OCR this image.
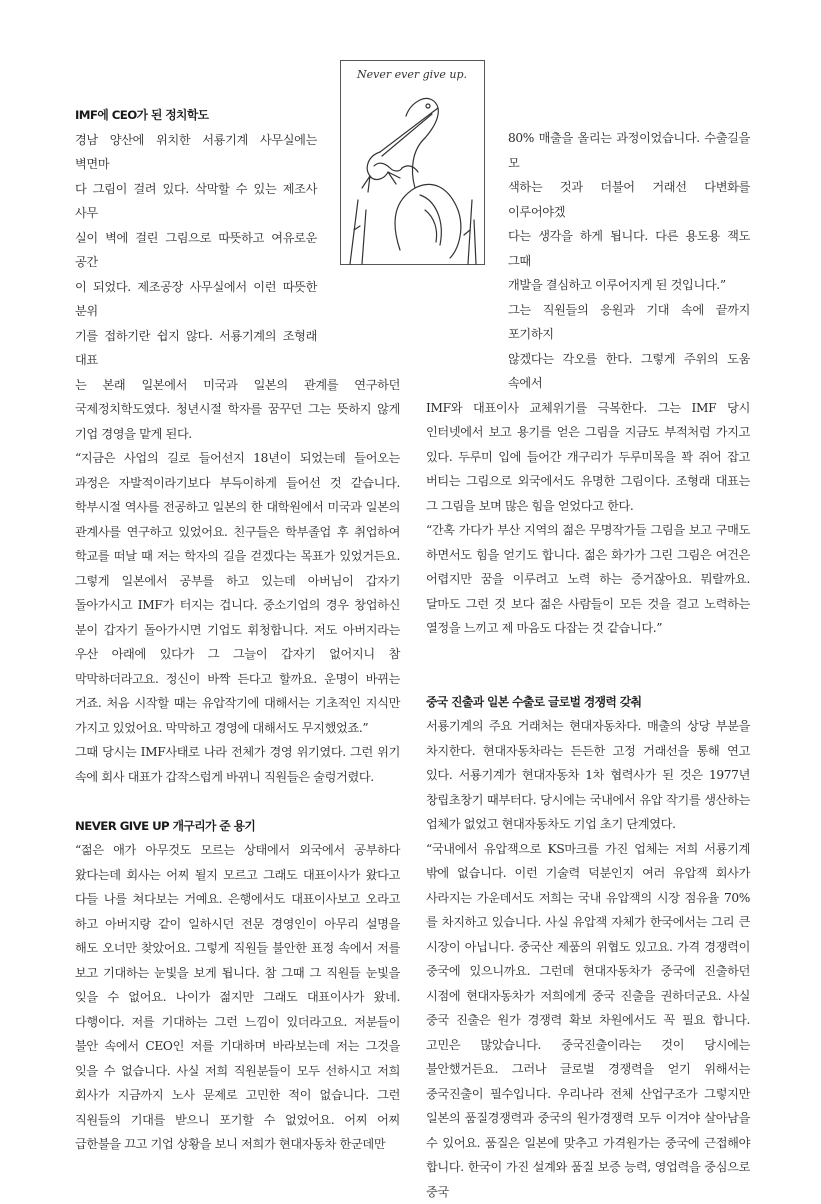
Never ever give up.

IMF에 CEO가 된 정치학도

경남 양산에 위치한 서룡기계 사무실에는 벽면마

다 그림이 걸려 있다. 삭막할 수 있는 제조사 사무

실이 벽에 걸린 그림으로 따뜻하고 여유로운 공간

이 되었다. 제조공장 사무실에서 이런 따뜻한 분위

기를 접하기란 쉽지 않다. 서룡기계의 조형래 대표

는 본래 일본에서 미국과 일본의 관계를 연구하던 국제정치학도였다. 청년시절 학자를 꿈꾸던 그는 뜻하지 않게 기업 경영을 맡게 된다.

“지금은 사업의 길로 들어선지 18년이 되었는데 들어오는 과정은 자발적이라기보다 부득이하게 들어선 것 같습니다. 학부시절 역사를 전공하고 일본의 한 대학원에서 미국과 일본의 관계사를 연구하고 있었어요. 친구들은 학부졸업 후 취업하여 학교를 떠날 때 저는 학자의 길을 걷겠다는 목표가 있었거든요. 그렇게 일본에서 공부를 하고 있는데 아버님이 갑자기 돌아가시고 IMF가 터지는 겁니다. 중소기업의 경우 창업하신 분이 갑자기 돌아가시면 기업도 휘청합니다. 저도 아버지라는 우산 아래에 있다가 그 그늘이 갑자기 없어지니 참 막막하더라고요. 정신이 바짝 든다고 할까요. 운명이 바뀌는 거죠. 처음 시작할 때는 유압작기에 대해서는 기초적인 지식만 가지고 있었어요. 막막하고 경영에 대해서도 무지했었죠.”

그때 당시는 IMF사태로 나라 전체가 경영 위기였다. 그런 위기 속에 회사 대표가 갑작스럽게 바뀌니 직원들은 술렁거렸다.

NEVER GIVE UP 개구리가 준 용기

“젊은 애가 아무것도 모르는 상태에서 외국에서 공부하다 왔다는데 회사는 어찌 될지 모르고 그래도 대표이사가 왔다고 다들 나를 쳐다보는 거예요. 은행에서도 대표이사보고 오라고 하고 아버지랑 같이 일하시던 전문 경영인이 아무리 설명을 해도 오너만 찾았어요. 그렇게 직원들 불안한 표정 속에서 저를 보고 기대하는 눈빛을 보게 됩니다. 참 그때 그 직원들 눈빛을 잊을 수 없어요. 나이가 젊지만 그래도 대표이사가 왔네. 다행이다. 저를 기대하는 그런 느낌이 있더라고요. 저분들이 불안 속에서 CEO인 저를 기대하며 바라보는데 저는 그것을 잊을 수 없습니다. 사실 저희 직원분들이 모두 선하시고 저희 회사가 지금까지 노사 문제로 고민한 적이 없습니다. 그런 직원들의 기대를 받으니 포기할 수 없었어요. 어찌 어찌 급한불을 끄고 기업 상황을 보니 저희가 현대자동차 한군데만

80% 매출을 올리는 과정이었습니다. 수출길을 모

색하는 것과 더불어 거래선 다변화를 이루어야겠

다는 생각을 하게 됩니다. 다른 용도용 잭도 그때

개발을 결심하고 이루어지게 된 것입니다.”

그는 직원들의 응원과 기대 속에 끝까지 포기하지

않겠다는 각오를 한다. 그렇게 주위의 도움 속에서

IMF와 대표이사 교체위기를 극복한다. 그는 IMF 당시 인터넷에서 보고 용기를 얻은 그림을 지금도 부적처럼 가지고 있다. 두루미 입에 들어간 개구리가 두루미목을 꽉 쥐어 잡고 버티는 그림으로 외국에서도 유명한 그림이다. 조형래 대표는 그 그림을 보며 많은 힘을 얻었다고 한다.

“간혹 가다가 부산 지역의 젊은 무명작가들 그림을 보고 구매도 하면서도 힘을 얻기도 합니다. 젊은 화가가 그린 그림은 여건은 어렵지만 꿈을 이루려고 노력 하는 증거잖아요. 뭐랄까요. 달마도 그런 것 보다 젊은 사람들이 모든 것을 걸고 노력하는 열정을 느끼고 제 마음도 다잡는 것 같습니다.”

중국 진출과 일본 수출로 글로벌 경쟁력 갖춰

서룡기계의 주요 거래처는 현대자동차다. 매출의 상당 부분을 차지한다. 현대자동차라는 든든한 고정 거래선을 통해 연고 있다. 서룡기계가 현대자동차 1차 협력사가 된 것은 1977년 창립초창기 때부터다. 당시에는 국내에서 유압 작기를 생산하는 업체가 없었고 현대자동차도 기업 초기 단계였다.

“국내에서 유압잭으로 KS마크를 가진 업체는 저희 서룡기계 밖에 없습니다. 이런 기술력 덕분인지 여러 유압잭 회사가 사라지는 가운데서도 저희는 국내 유압잭의 시장 점유율 70%를 차지하고 있습니다. 사실 유압잭 자체가 한국에서는 그리 큰 시장이 아닙니다. 중국산 제품의 위협도 있고요. 가격 경쟁력이 중국에 있으니까요. 그런데 현대자동차가 중국에 진출하던 시점에 현대자동차가 저희에게 중국 진출을 권하더군요. 사실 중국 진출은 원가 경쟁력 확보 차원에서도 꼭 필요 합니다. 고민은 많았습니다. 중국진출이라는 것이 당시에는 불안했거든요. 그러나 글로벌 경쟁력을 얻기 위해서는 중국진출이 필수입니다. 우리나라 전체 산업구조가 그렇지만 일본의 품질경쟁력과 중국의 원가경쟁력 모두 이겨야 살아남을 수 있어요. 품질은 일본에 맞추고 가격원가는 중국에 근접해야 합니다. 한국이 가진 설계와 품질 보증 능력, 영업력을 중심으로 중국
